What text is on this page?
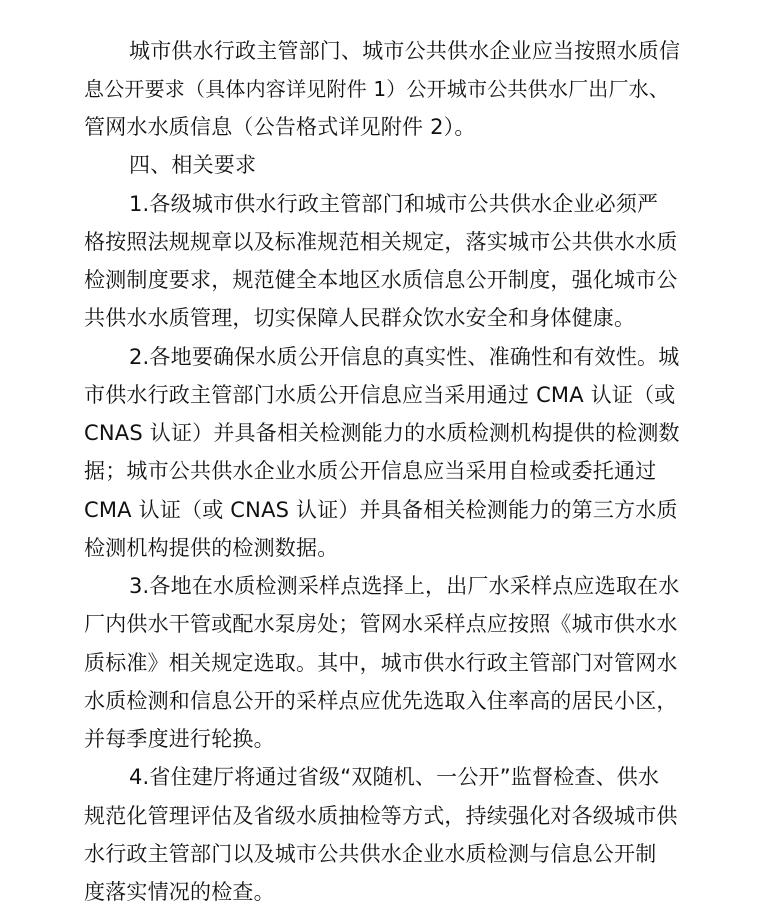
城市供水行政主管部门、城市公共供水企业应当按照水质信
息公开要求（具体内容详见附件 1）公开城市公共供水厂出厂水、
管网水水质信息（公告格式详见附件 2）。
四、相关要求
1.各级城市供水行政主管部门和城市公共供水企业必须严
格按照法规规章以及标准规范相关规定，落实城市公共供水水质
检测制度要求，规范健全本地区水质信息公开制度，强化城市公
共供水水质管理，切实保障人民群众饮水安全和身体健康。
2.各地要确保水质公开信息的真实性、准确性和有效性。城
市供水行政主管部门水质公开信息应当采用通过 CMA 认证（或
CNAS 认证）并具备相关检测能力的水质检测机构提供的检测数
据；城市公共供水企业水质公开信息应当采用自检或委托通过
CMA 认证（或 CNAS 认证）并具备相关检测能力的第三方水质
检测机构提供的检测数据。
3.各地在水质检测采样点选择上，出厂水采样点应选取在水
厂内供水干管或配水泵房处；管网水采样点应按照《城市供水水
质标准》相关规定选取。其中，城市供水行政主管部门对管网水
水质检测和信息公开的采样点应优先选取入住率高的居民小区，
并每季度进行轮换。
4.省住建厅将通过省级“双随机、一公开”监督检查、供水
规范化管理评估及省级水质抽检等方式，持续强化对各级城市供
水行政主管部门以及城市公共供水企业水质检测与信息公开制
度落实情况的检查。
